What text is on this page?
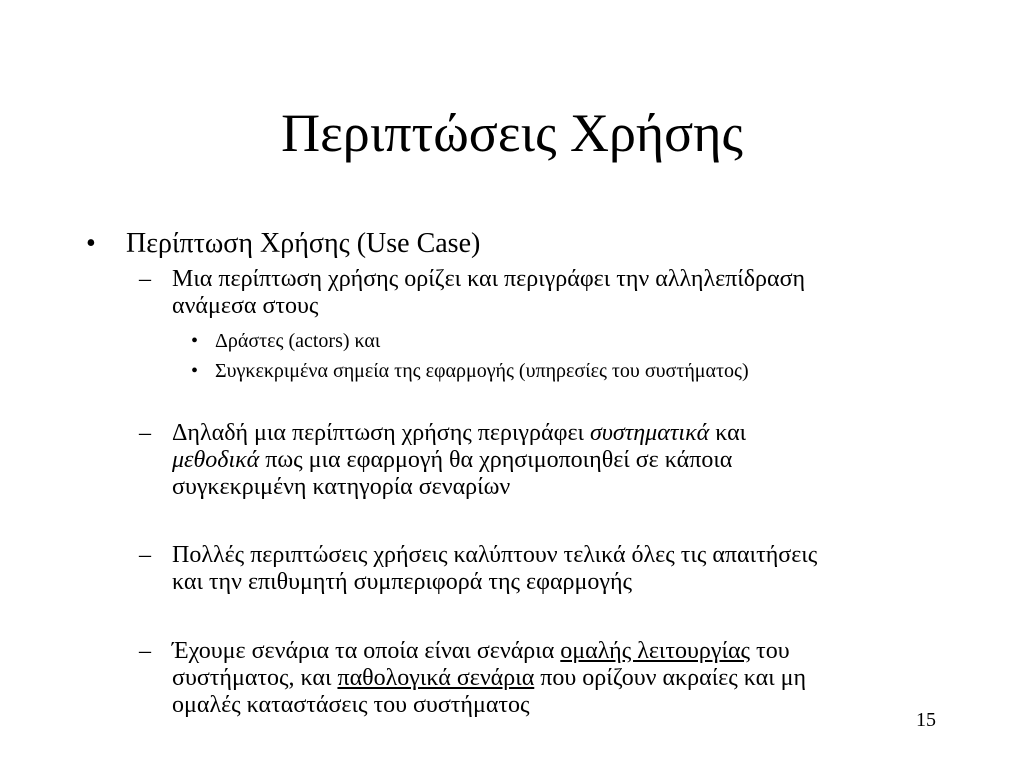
Περιπτώσεις Χρήσης
• Περίπτωση Χρήσης (Use Case)
– Μια περίπτωση χρήσης ορίζει και περιγράφει την αλληλεπίδραση
ανάμεσα στους
• Δράστες (actors) και
• Συγκεκριμένα σημεία της εφαρμογής (υπηρεσίες του συστήματος)
– Δηλαδή μια περίπτωση χρήσης περιγράφει συστηματικά και
μεθοδικά πως μια εφαρμογή θα χρησιμοποιηθεί σε κάποια
συγκεκριμένη κατηγορία σεναρίων
– Πολλές περιπτώσεις χρήσεις καλύπτουν τελικά όλες τις απαιτήσεις
και την επιθυμητή συμπεριφορά της εφαρμογής
– Έχουμε σενάρια τα οποία είναι σενάρια ομαλής λειτουργίας του
συστήματος, και παθολογικά σενάρια που ορίζουν ακραίες και μη
ομαλές καταστάσεις του συστήματος
15
